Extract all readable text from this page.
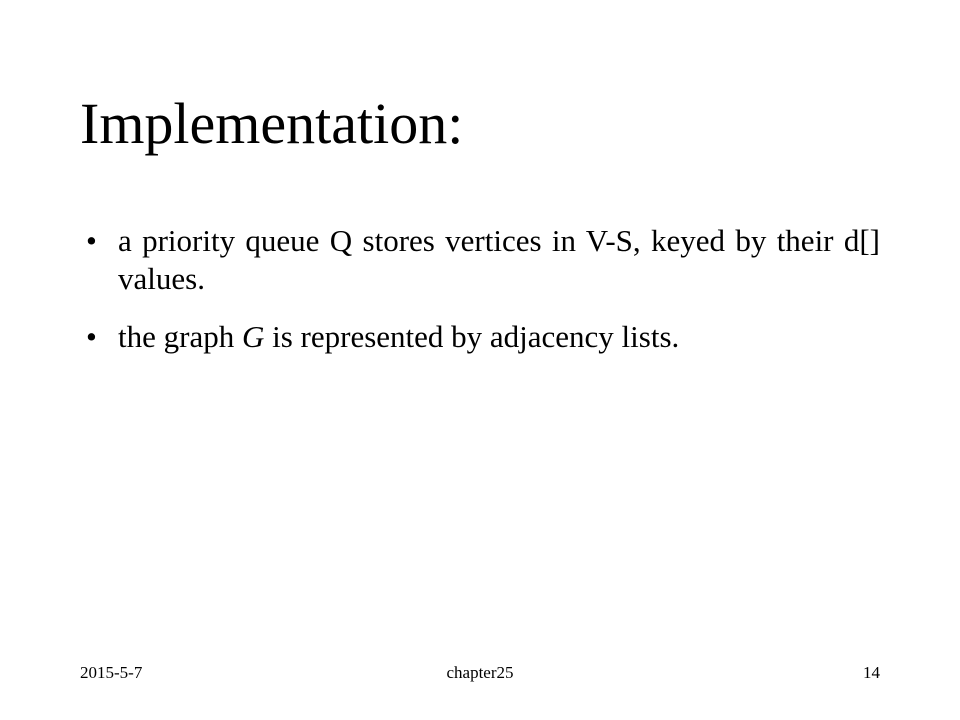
Implementation:
• a priority queue Q stores vertices in V-S, keyed by their d[] values.
• the graph G is represented by adjacency lists.
2015-5-7	chapter25	14
